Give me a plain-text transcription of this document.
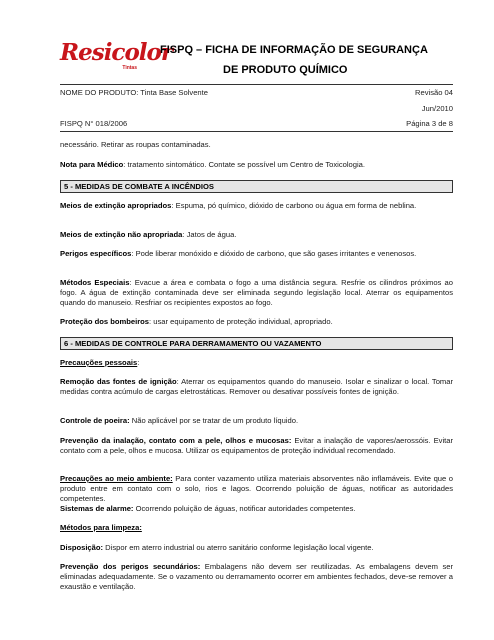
Resicolor
Tintas
FISPQ – FICHA DE INFORMAÇÃO DE SEGURANÇA
DE PRODUTO QUÍMICO
NOME DO PRODUTO: Tinta Base Solvente	Revisão 04
Jun/2010
FISPQ N° 018/2006	Página 3 de 8
necessário. Retirar as roupas contaminadas.
Nota para Médico: tratamento sintomático. Contate se possível um Centro de Toxicologia.
5 - MEDIDAS DE COMBATE A INCÊNDIOS
Meios de extinção apropriados: Espuma, pó químico, dióxido de carbono ou água em forma de neblina.
Meios de extinção não apropriada: Jatos de água.
Perigos específicos: Pode liberar monóxido e dióxido de carbono, que são gases irritantes e venenosos.
Métodos Especiais: Evacue a área e combata o fogo a uma distância segura. Resfrie os cilindros próximos ao fogo. A água de extinção contaminada deve ser eliminada segundo legislação local. Aterrar os equipamentos quando do manuseio. Resfriar os recipientes expostos ao fogo.
Proteção dos bombeiros: usar equipamento de proteção individual, apropriado.
6 - MEDIDAS DE CONTROLE PARA DERRAMAMENTO OU VAZAMENTO
Precauções pessoais:
Remoção das fontes de ignição: Aterrar os equipamentos quando do manuseio. Isolar e sinalizar o local. Tomar medidas contra acúmulo de cargas eletrostáticas. Remover ou desativar possíveis fontes de ignição.
Controle de poeira: Não aplicável por se tratar de um produto líquido.
Prevenção da inalação, contato com a pele, olhos e mucosas: Evitar a inalação de vapores/aerossóis. Evitar contato com a pele, olhos e mucosa. Utilizar os equipamentos de proteção individual recomendado.
Precauções ao meio ambiente: Para conter vazamento utiliza materiais absorventes não inflamáveis. Evite que o produto entre em contato com o solo, rios e lagos. Ocorrendo poluição de águas, notificar as autoridades competentes.
Sistemas de alarme: Ocorrendo poluição de águas, notificar autoridades competentes.
Métodos para limpeza:
Disposição: Dispor em aterro industrial ou aterro sanitário conforme legislação local vigente.
Prevenção dos perigos secundários: Embalagens não devem ser reutilizadas. As embalagens devem ser eliminadas adequadamente. Se o vazamento ou derramamento ocorrer em ambientes fechados, deve-se remover a exaustão e ventilação.
